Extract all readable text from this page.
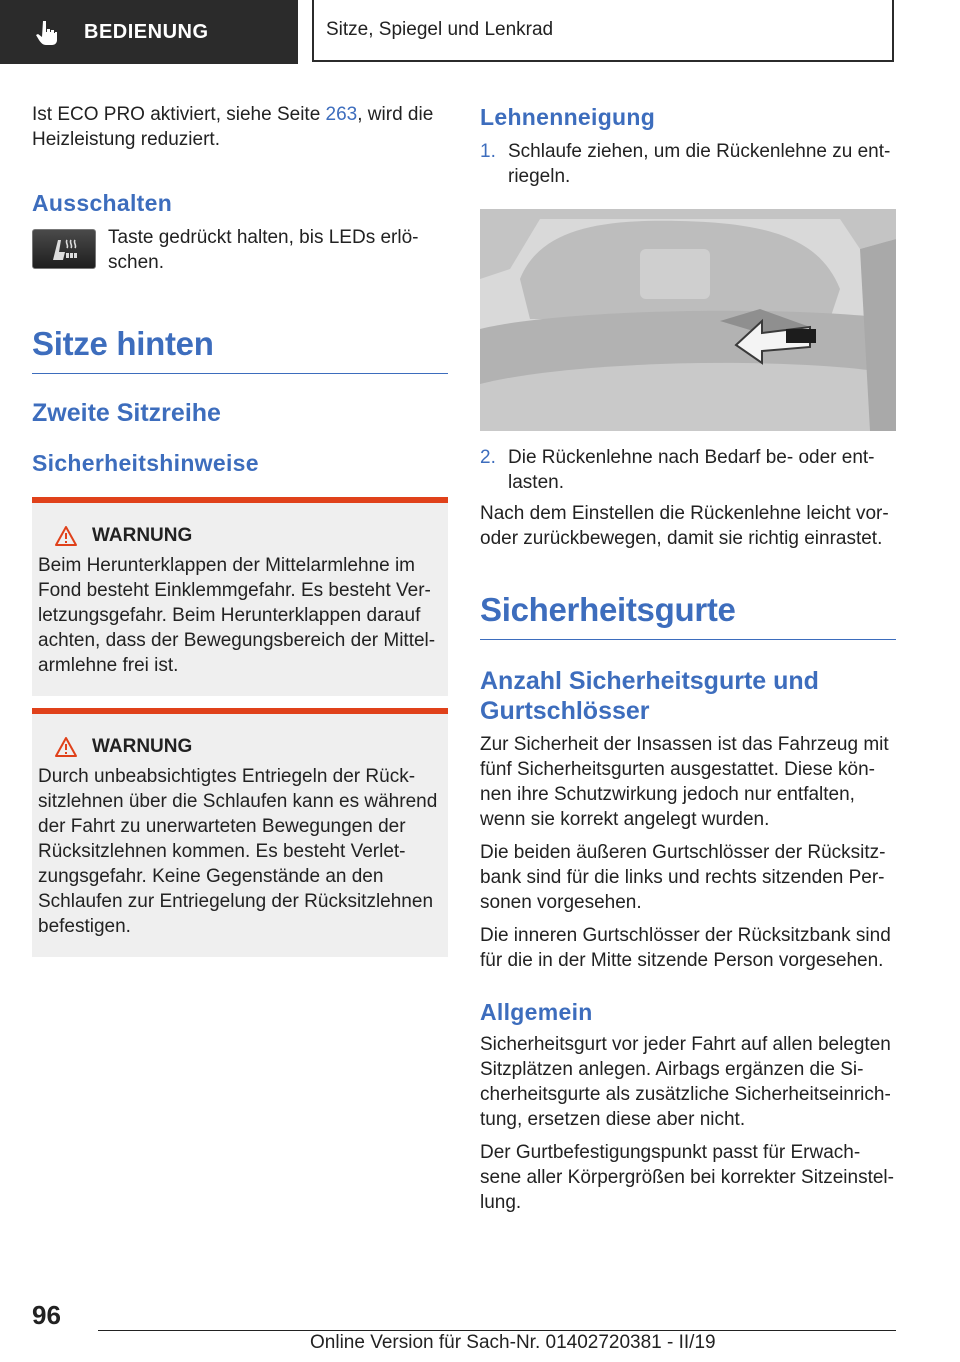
BEDIENUNG	Sitze, Spiegel und Lenkrad

Ist ECO PRO aktiviert, siehe Seite 263, wird die Heizleistung reduziert.

Ausschalten

Taste gedrückt halten, bis LEDs erlö-schen.

Sitze hinten
Zweite Sitzreihe
Sicherheitshinweise
WARNUNG

Beim Herunterklappen der Mittelarmlehne im Fond besteht Einklemmgefahr. Es besteht Ver-letzungsgefahr. Beim Herunterklappen darauf achten, dass der Bewegungsbereich der Mittel-armlehne frei ist.

WARNUNG

Durch unbeabsichtigtes Entriegeln der Rück-sitzlehnen über die Schlaufen kann es während der Fahrt zu unerwarteten Bewegungen der Rücksitzlehnen kommen. Es besteht Verlet-zungsgefahr. Keine Gegenstände an den Schlaufen zur Entriegelung der Rücksitzlehnen befestigen.

Lehnenneigung
1. Schlaufe ziehen, um die Rückenlehne zu ent-riegeln.

2. Die Rückenlehne nach Bedarf be- oder ent-lasten.

Nach dem Einstellen die Rückenlehne leicht vor- oder zurückbewegen, damit sie richtig einrastet.

Sicherheitsgurte
Anzahl Sicherheitsgurte und Gurtschlösser

Zur Sicherheit der Insassen ist das Fahrzeug mit fünf Sicherheitsgurten ausgestattet. Diese kön-nen ihre Schutzwirkung jedoch nur entfalten, wenn sie korrekt angelegt wurden.

Die beiden äußeren Gurtschlösser der Rücksitz-bank sind für die links und rechts sitzenden Per-sonen vorgesehen.

Die inneren Gurtschlösser der Rücksitzbank sind für die in der Mitte sitzende Person vorgesehen.

Allgemein

Sicherheitsgurt vor jeder Fahrt auf allen belegten Sitzplätzen anlegen. Airbags ergänzen die Si-cherheitsgurte als zusätzliche Sicherheitseinrich-tung, ersetzen diese aber nicht.

Der Gurtbefestigungspunkt passt für Erwach-sene aller Körpergrößen bei korrekter Sitzeinstel-lung.

96
Online Version für Sach-Nr. 01402720381 - II/19
